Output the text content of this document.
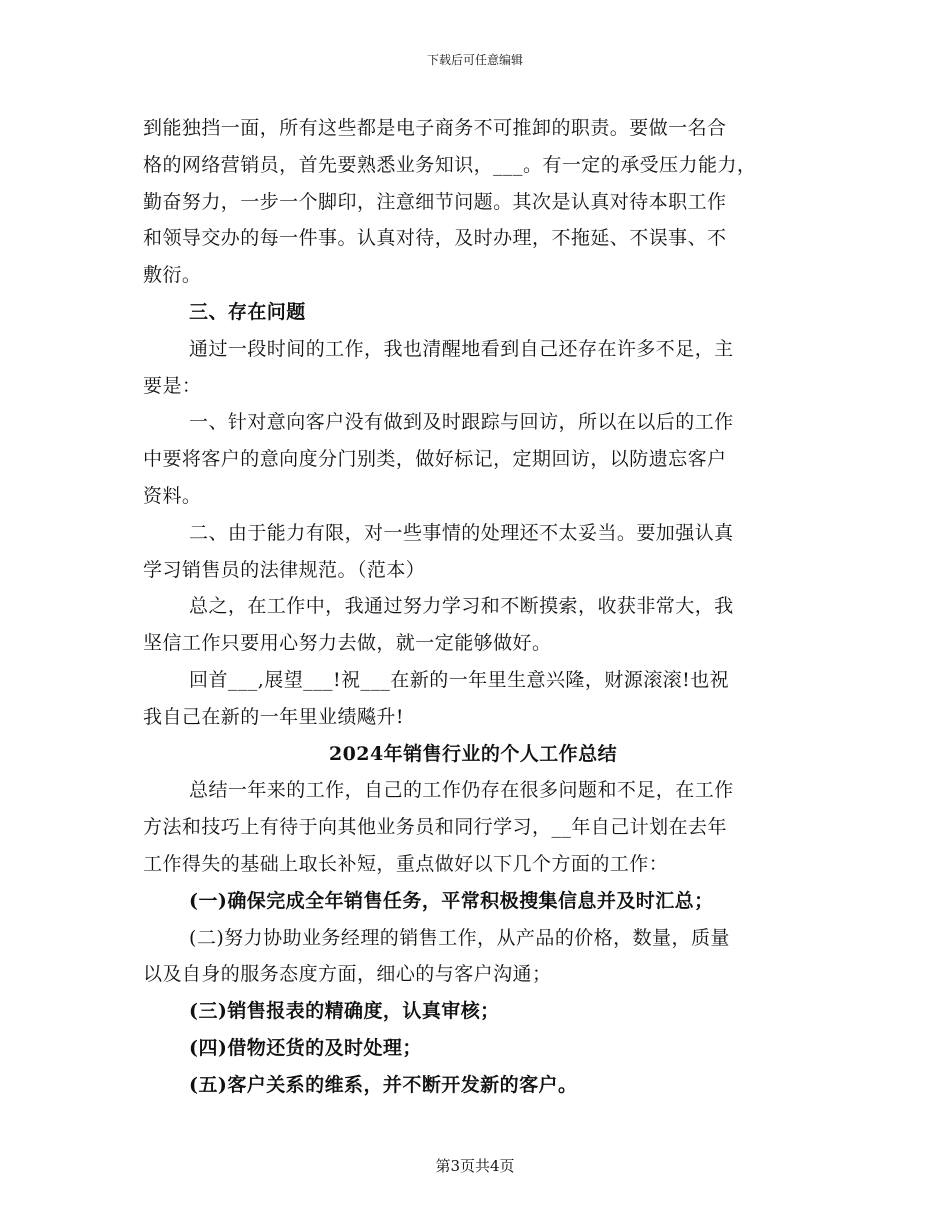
下载后可任意编辑

到能独挡一面，所有这些都是电子商务不可推卸的职责。要做一名合
格的网络营销员，首先要熟悉业务知识，___。有一定的承受压力能力，
勤奋努力，一步一个脚印，注意细节问题。其次是认真对待本职工作
和领导交办的每一件事。认真对待，及时办理，不拖延、不误事、不
敷衍。

三、存在问题

通过一段时间的工作，我也清醒地看到自己还存在许多不足，主
要是：

一、针对意向客户没有做到及时跟踪与回访，所以在以后的工作
中要将客户的意向度分门别类，做好标记，定期回访，以防遗忘客户
资料。

二、由于能力有限，对一些事情的处理还不太妥当。要加强认真
学习销售员的法律规范。（范本）

总之，在工作中，我通过努力学习和不断摸索，收获非常大，我
坚信工作只要用心努力去做，就一定能够做好。

回首___,展望___!祝___在新的一年里生意兴隆，财源滚滚!也祝
我自己在新的一年里业绩飚升!

2024年销售行业的个人工作总结

总结一年来的工作，自己的工作仍存在很多问题和不足，在工作
方法和技巧上有待于向其他业务员和同行学习，__年自己计划在去年
工作得失的基础上取长补短，重点做好以下几个方面的工作：

(一)确保完成全年销售任务，平常积极搜集信息并及时汇总；

(二)努力协助业务经理的销售工作，从产品的价格，数量，质量
以及自身的服务态度方面，细心的与客户沟通；

(三)销售报表的精确度，认真审核；

(四)借物还货的及时处理；

(五)客户关系的维系，并不断开发新的客户。

第3页共4页
